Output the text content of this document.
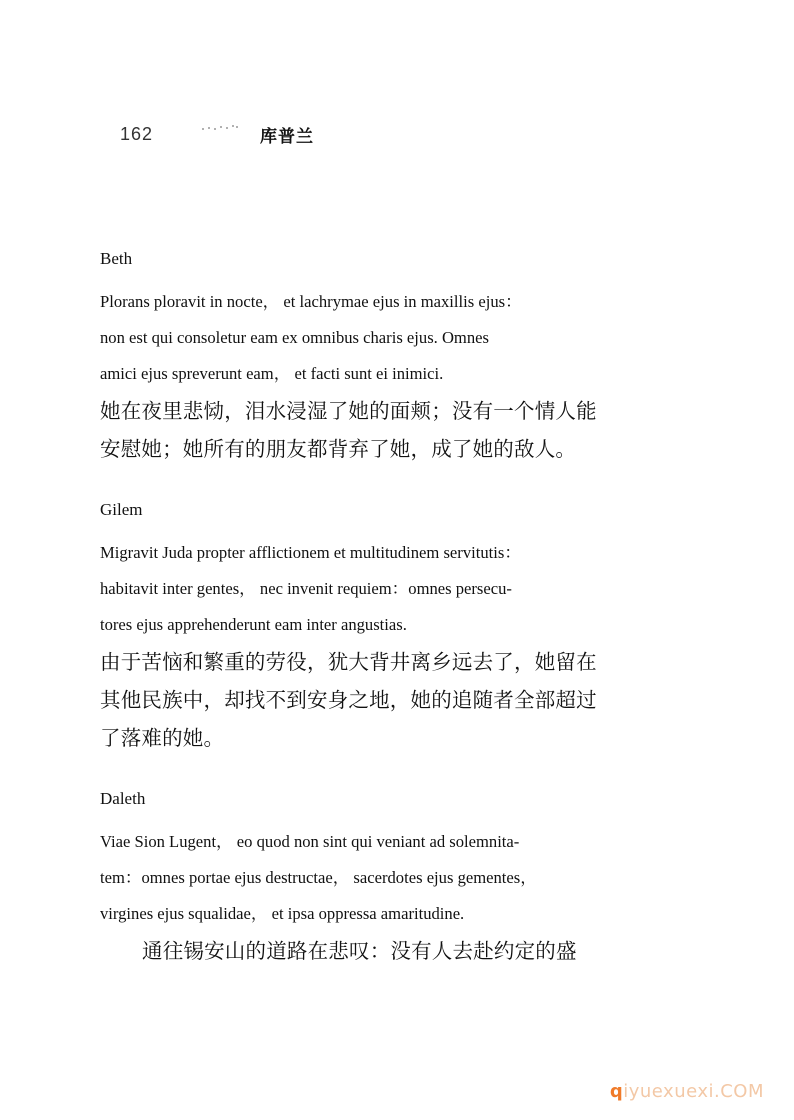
162	库普兰
Beth

Plorans ploravit in nocte， et lachrymae ejus in maxillis ejus：

non est qui consoletur eam ex omnibus charis ejus. Omnes

amici ejus spreverunt eam， et facti sunt ei inimici.

她在夜里悲恸，泪水浸湿了她的面颊；没有一个情人能

安慰她；她所有的朋友都背弃了她，成了她的敌人。

Gilem

Migravit Juda propter afflictionem et multitudinem servitutis：

habitavit inter gentes， nec invenit requiem：omnes persecu-

tores ejus apprehenderunt eam inter angustias.

由于苦恼和繁重的劳役，犹大背井离乡远去了，她留在

其他民族中，却找不到安身之地，她的追随者全部超过

了落难的她。

Daleth

Viae Sion Lugent， eo quod non sint qui veniant ad solemnita-

tem：omnes portae ejus destructae， sacerdotes ejus gementes，

virgines ejus squalidae， et ipsa oppressa amaritudine.

通往锡安山的道路在悲叹：没有人去赴约定的盛

qiyuexuexi.COM
